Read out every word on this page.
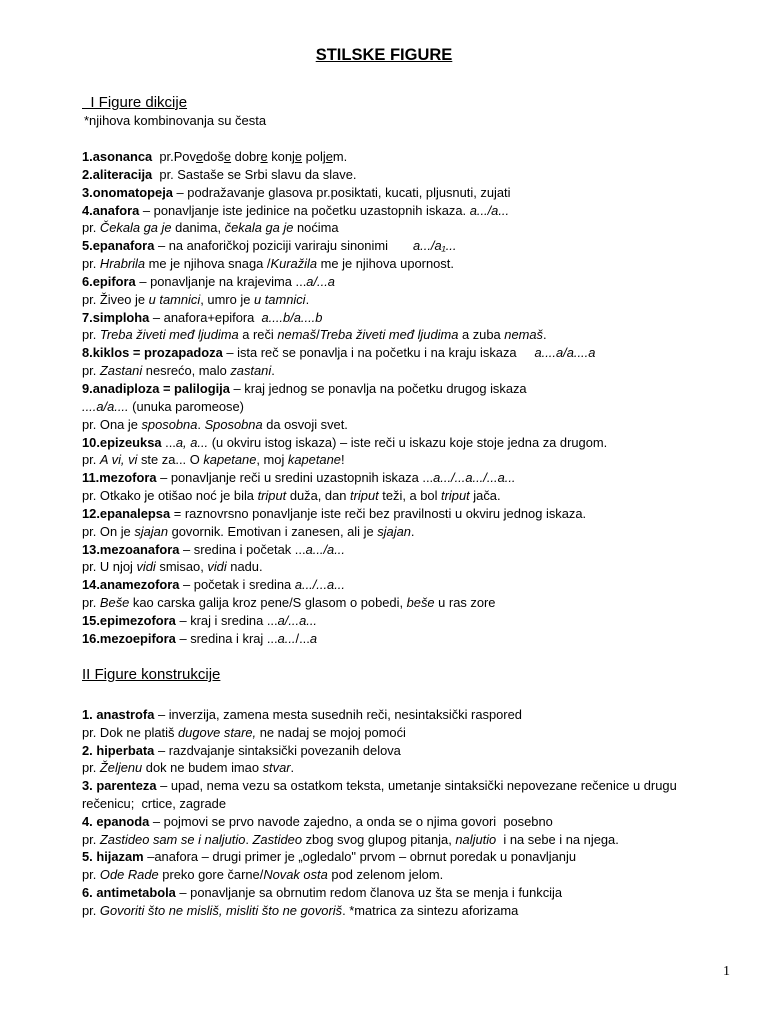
STILSKE FIGURE
I Figure dikcije
*njihova kombinovanja su česta
1.asonanca  pr.Povedoše dobre konje poljem.
2.aliteracija  pr. Sastaše se Srbi slavu da slave.
3.onomatopeja – podražavanje glasova pr.posiktati, kucati, pljusnuti, zujati
4.anafora – ponavljanje iste jedinice na početku uzastopnih iskaza. a.../a...
pr. Čekala ga je danima, čekala ga je noćima
5.epanafora – na anaforičkoj poziciji variraju sinonimi       a.../a₁...
pr. Hrabrila me je njihova snaga /Kuražila me je njihova upornost.
6.epifora – ponavljanje na krajevima ...a/...a
pr. Živeo je u tamnici, umro je u tamnici.
7.simploha – anafora+epifora  a....b/a....b
pr. Treba živeti međ ljudima a reči nemaš/Treba živeti međ ljudima a zuba nemaš.
8.kiklos = prozapadoza – ista reč se ponavlja i na početku i na kraju iskaza     a....a/a....a
pr. Zastani nesrećo, malo zastani.
9.anadiploza = palilogija – kraj jednog se ponavlja na početku drugog iskaza
....a/a.... (unuka paromeose)
pr. Ona je sposobna. Sposobna da osvoji svet.
10.epizeuksa ...a, a... (u okviru istog iskaza) – iste reči u iskazu koje stoje jedna za drugom.
pr. A vi, vi ste za... O kapetane, moj kapetane!
11.mezofora – ponavljanje reči u sredini uzastopnih iskaza ...a.../...a.../...a...
pr. Otkako je otišao noć je bila triput duža, dan triput teži, a bol triput jača.
12.epanalepsa = raznovrsno ponavljanje iste reči bez pravilnosti u okviru jednog iskaza.
pr. On je sjajan govornik. Emotivan i zanesen, ali je sjajan.
13.mezoanafora – sredina i početak ...a.../a...
pr. U njoj vidi smisao, vidi nadu.
14.anamezofora – početak i sredina a.../...a...
pr. Beše kao carska galija kroz pene/S glasom o pobedi, beše u ras zore
15.epimezofora – kraj i sredina ...a/...a...
16.mezoepifora – sredina i kraj ...a.../...a
II Figure konstrukcije
1. anastrofa – inverzija, zamena mesta susednih reči, nesintaksički raspored
pr. Dok ne platiš dugove stare, ne nadaj se mojoj pomoći
2. hiperbata – razdvajanje sintaksički povezanih delova
pr. Željenu dok ne budem imao stvar.
3. parenteza – upad, nema vezu sa ostatkom teksta, umetanje sintaksički nepovezane rečenice u drugu
rečenicu;  crtice, zagrade
4. epanoda – pojmovi se prvo navode zajedno, a onda se o njima govori  posebno
pr. Zastideo sam se i naljutio. Zastideo zbog svog glupog pitanja, naljutio  i na sebe i na njega.
5. hijazam –anafora – drugi primer je „ogledalo" prvom – obrnut poredak u ponavljanju
pr. Ode Rade preko gore čarne/Novak osta pod zelenom jelom.
6. antimetabola – ponavljanje sa obrnutim redom članova uz šta se menja i funkcija
pr. Govoriti što ne misliš, misliti što ne govoriš. *matrica za sintezu aforizama
1
